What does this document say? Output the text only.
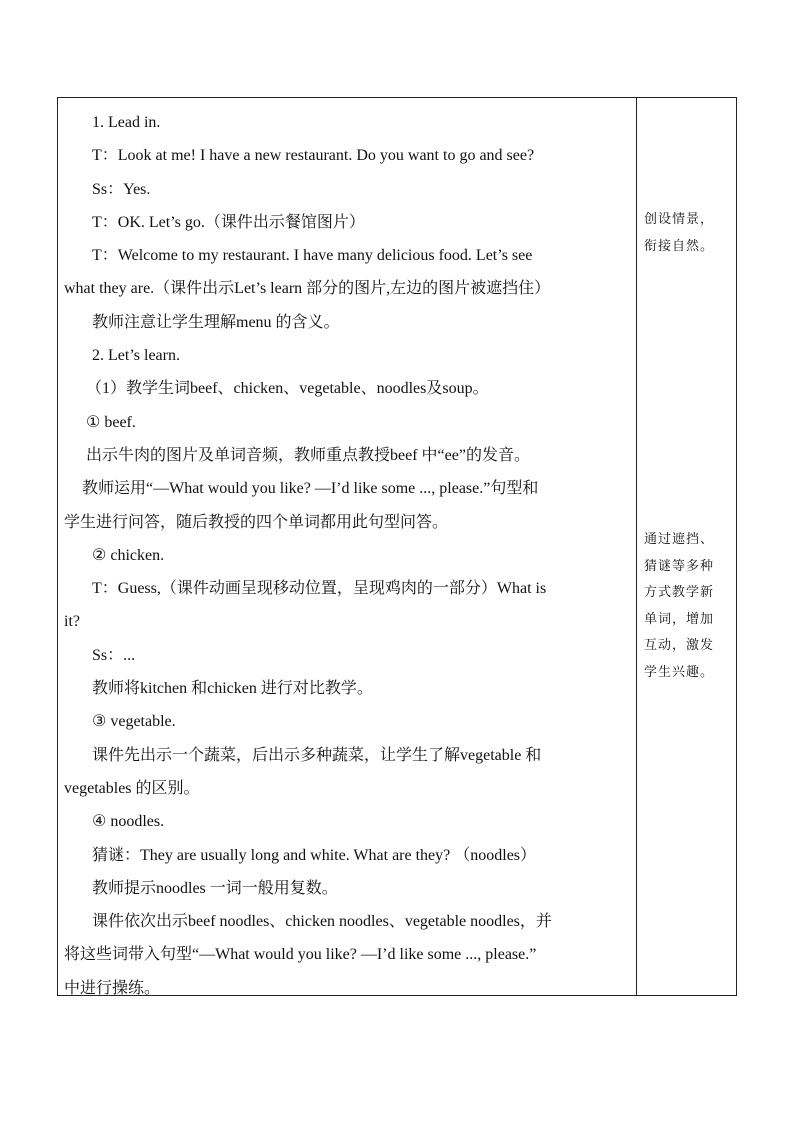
1. Lead in.
T：Look at me! I have a new restaurant. Do you want to go and see?
Ss：Yes.
T：OK. Let’s go.（课件出示餐馆图片）
T：Welcome to my restaurant. I have many delicious food. Let’s see
what they are.（课件出示Let’s learn 部分的图片,左边的图片被遮挡住）
教师注意让学生理解menu 的含义。
2. Let’s learn.
（1）教学生词beef、chicken、vegetable、noodles及soup。
① beef.
出示牛肉的图片及单词音频，教师重点教授beef 中“ee”的发音。
教师运用“—What would you like? —I’d like some ..., please.”句型和
学生进行问答，随后教授的四个单词都用此句型问答。
② chicken.
T：Guess,（课件动画呈现移动位置，呈现鸡肉的一部分）What is
it?
Ss：...
教师将kitchen 和chicken 进行对比教学。
③ vegetable.
课件先出示一个蔬菜，后出示多种蔬菜，让学生了解vegetable 和
vegetables 的区别。
④ noodles.
猜谜：They are usually long and white. What are they? （noodles）
教师提示noodles 一词一般用复数。
课件依次出示beef noodles、chicken noodles、vegetable noodles，并
将这些词带入句型“—What would you like? —I’d like some ..., please.”
中进行操练。
创设情景，
衔接自然。
通过遮挡、
猜谜等多种
方式教学新
单词，增加
互动，激发
学生兴趣。
